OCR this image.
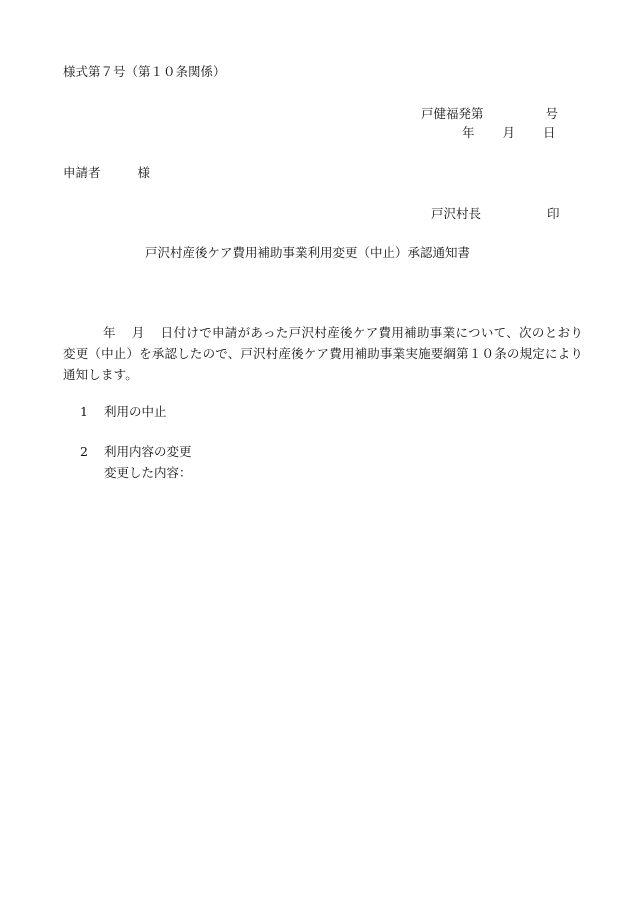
様式第７号（第１０条関係）

戸健福発第	号

年 月 日

申請者	様

戸沢村長	印

戸沢村産後ケア費用補助事業利用変更（中止）承認通知書

年 月 日付けで申請があった戸沢村産後ケア費用補助事業について、次のとおり変更（中止）を承認したので、戸沢村産後ケア費用補助事業実施要綱第１０条の規定により通知します。

1 利用の中止

2 利用内容の変更

変更した内容：
